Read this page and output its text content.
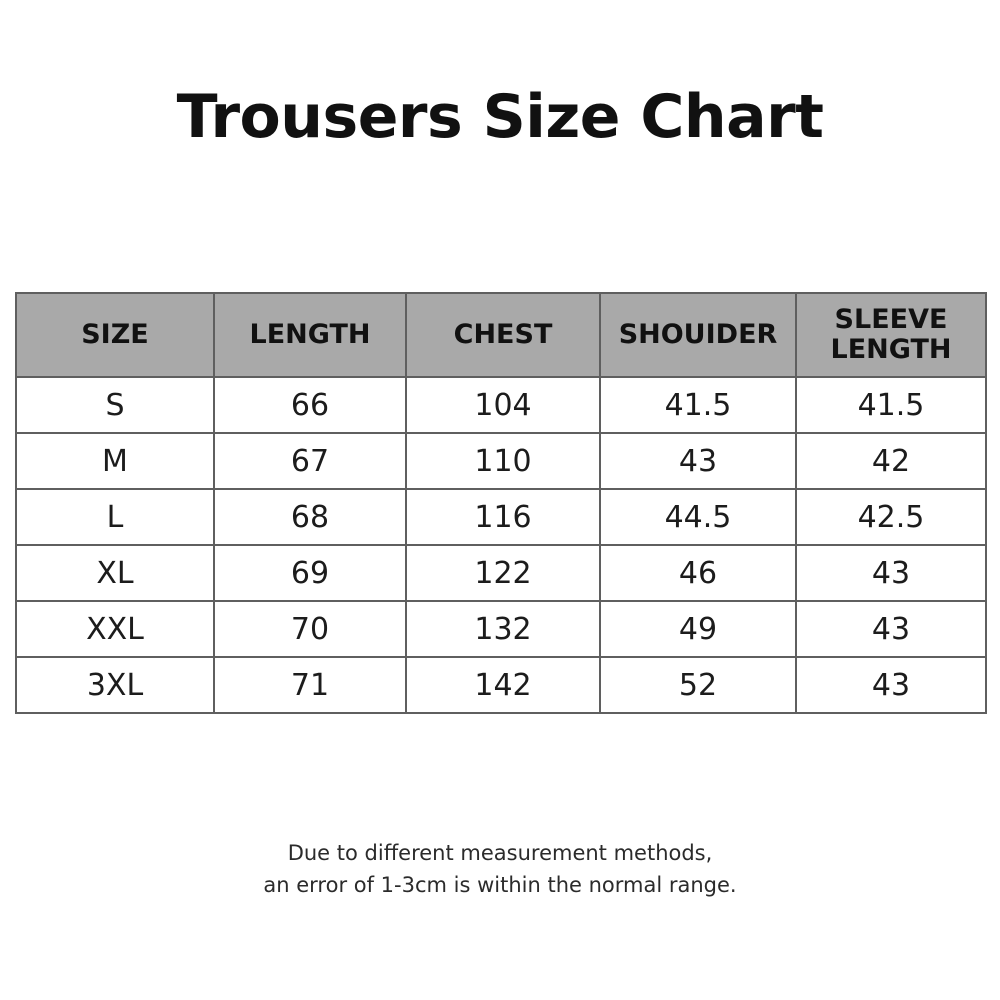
Trousers Size Chart
SIZE	LENGTH	CHEST	SHOUIDER	SLEEVE LENGTH
S	66	104	41.5	41.5
M	67	110	43	42
L	68	116	44.5	42.5
XL	69	122	46	43
XXL	70	132	49	43
3XL	71	142	52	43
Due to different measurement methods,
an error of 1-3cm is within the normal range.
